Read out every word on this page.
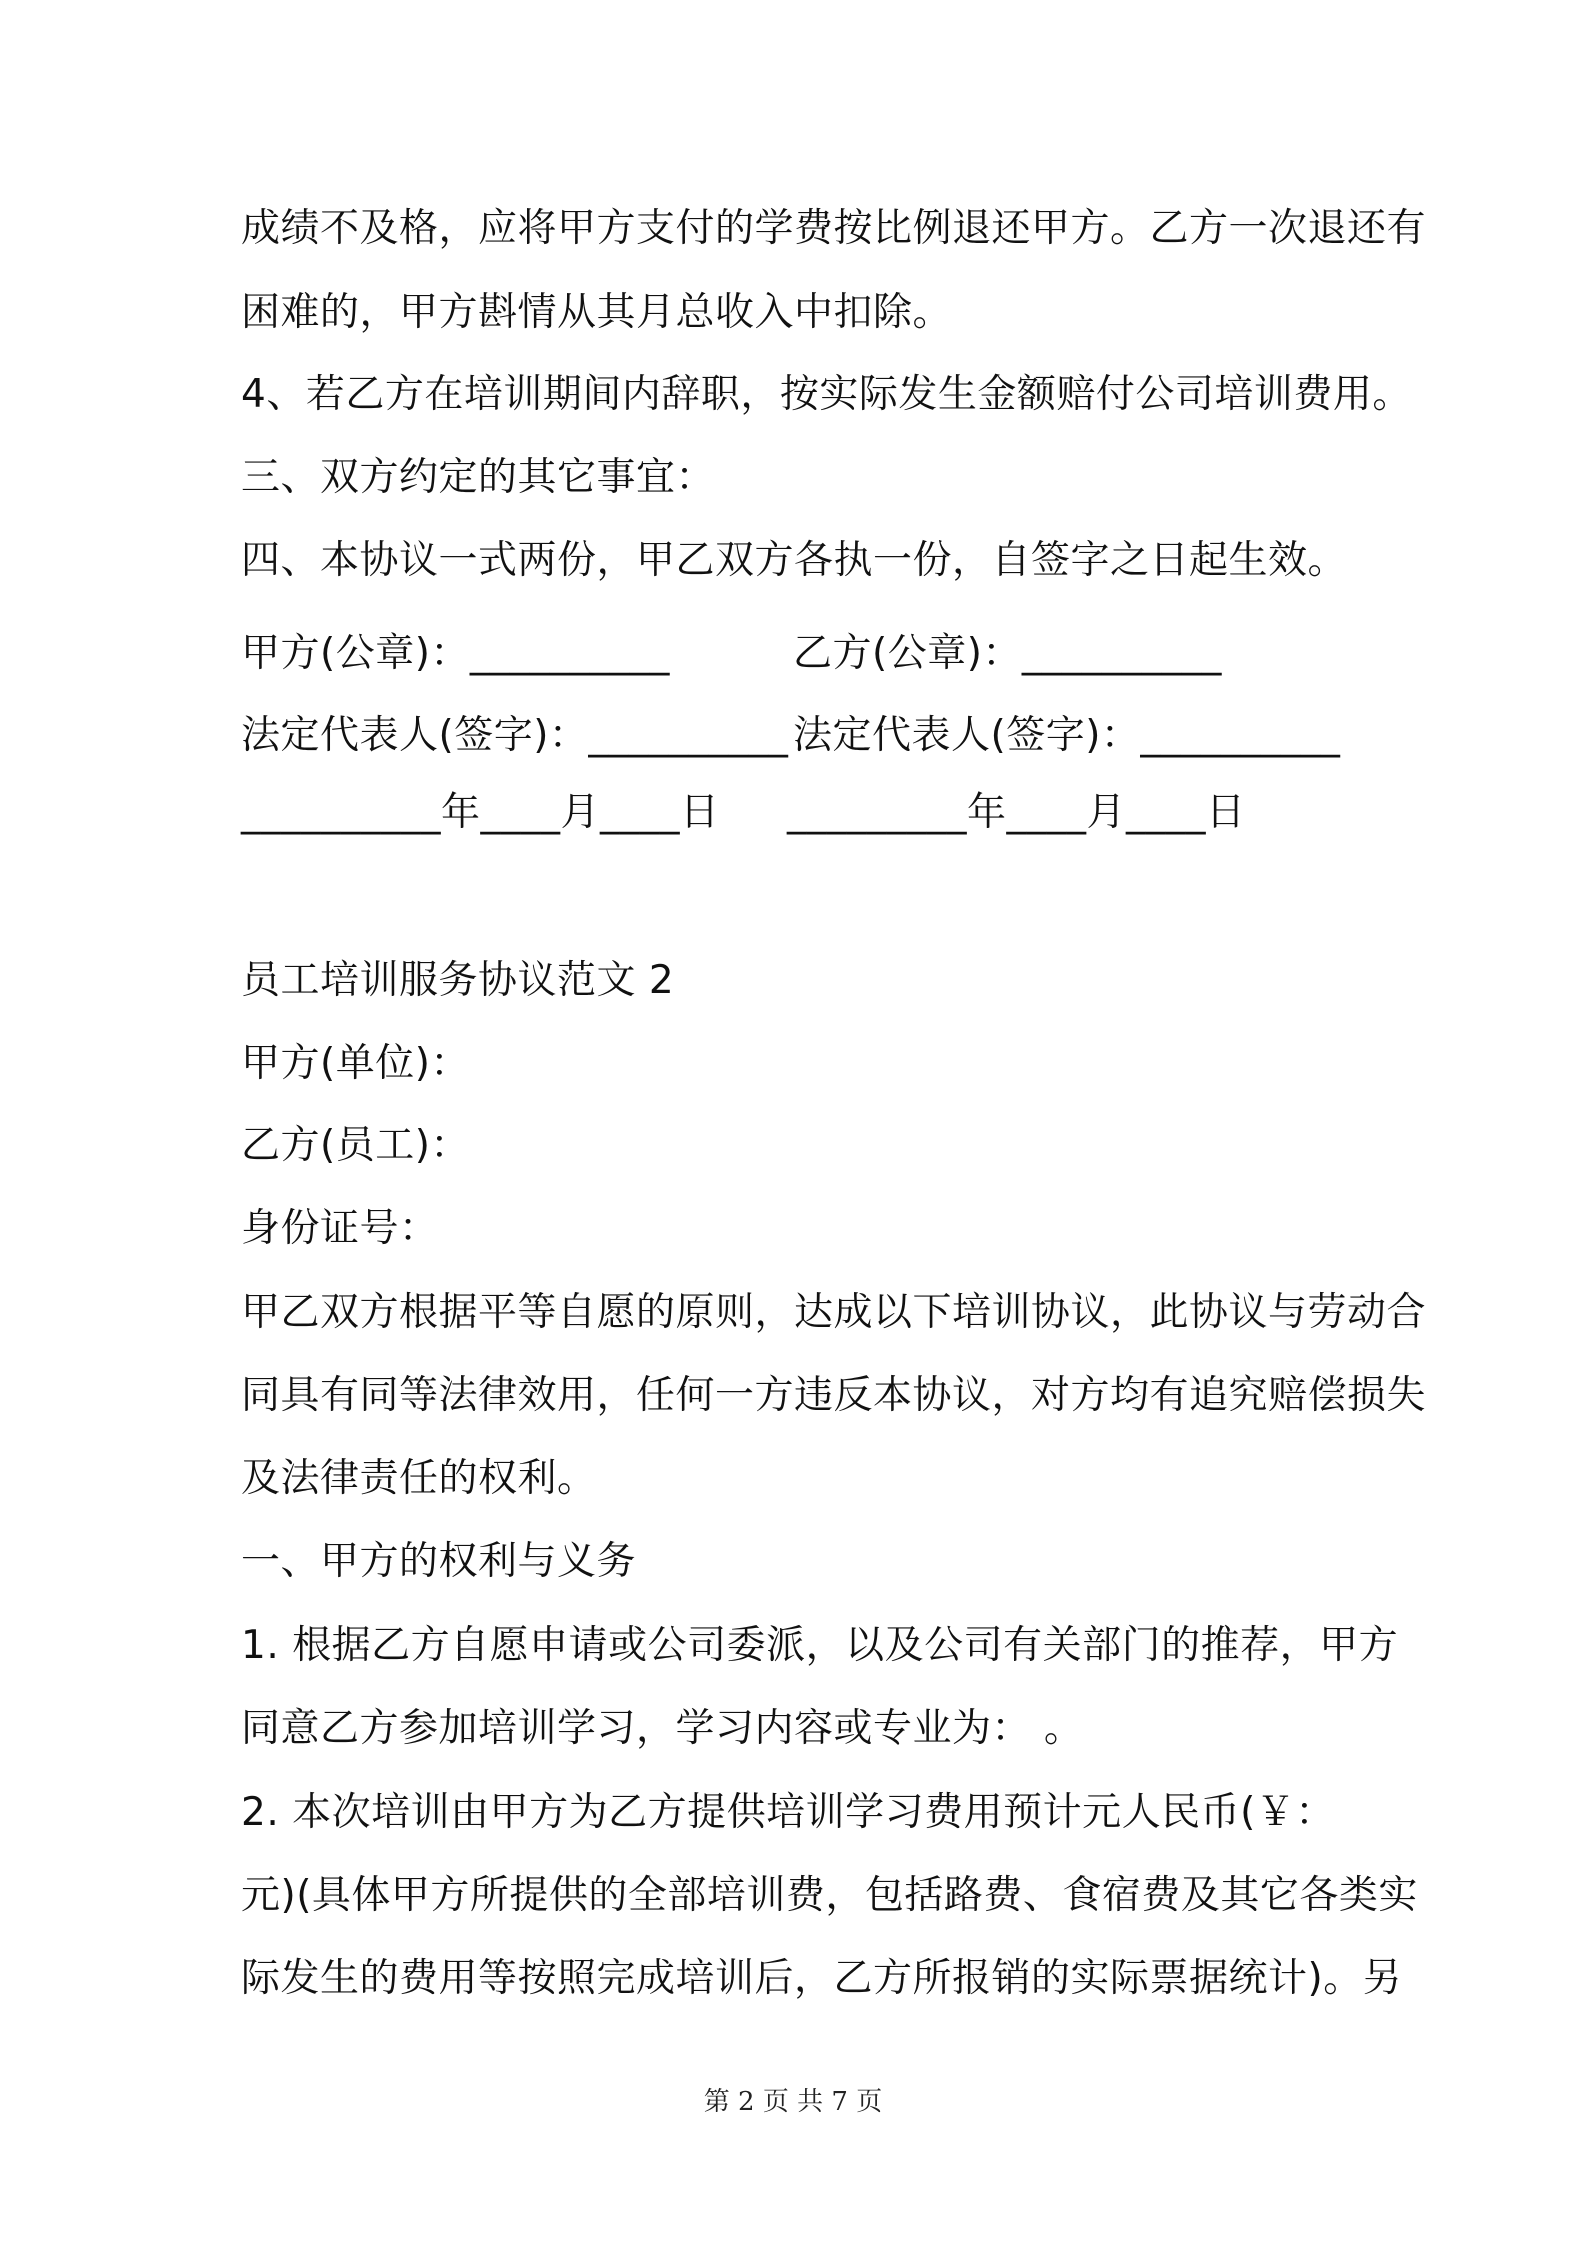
成绩不及格，应将甲方支付的学费按比例退还甲方。乙方一次退还有
困难的，甲方斟情从其月总收入中扣除。
4、若乙方在培训期间内辞职，按实际发生金额赔付公司培训费用。
三、双方约定的其它事宜：
四、本协议一式两份，甲乙双方各执一份，自签字之日起生效。
甲方(公章)：__________	乙方(公章)：__________
法定代表人(签字)：__________ 法定代表人(签字)：__________
__________年____月____日 _________年____月____日
员工培训服务协议范文 2
甲方(单位)：
乙方(员工)：
身份证号：
甲乙双方根据平等自愿的原则，达成以下培训协议，此协议与劳动合
同具有同等法律效用，任何一方违反本协议，对方均有追究赔偿损失
及法律责任的权利。
一、甲方的权利与义务
1. 根据乙方自愿申请或公司委派，以及公司有关部门的推荐，甲方
同意乙方参加培训学习，学习内容或专业为： 。
2. 本次培训由甲方为乙方提供培训学习费用预计元人民币(￥：
元)(具体甲方所提供的全部培训费，包括路费、食宿费及其它各类实
际发生的费用等按照完成培训后，乙方所报销的实际票据统计)。另
第 2 页 共 7 页
